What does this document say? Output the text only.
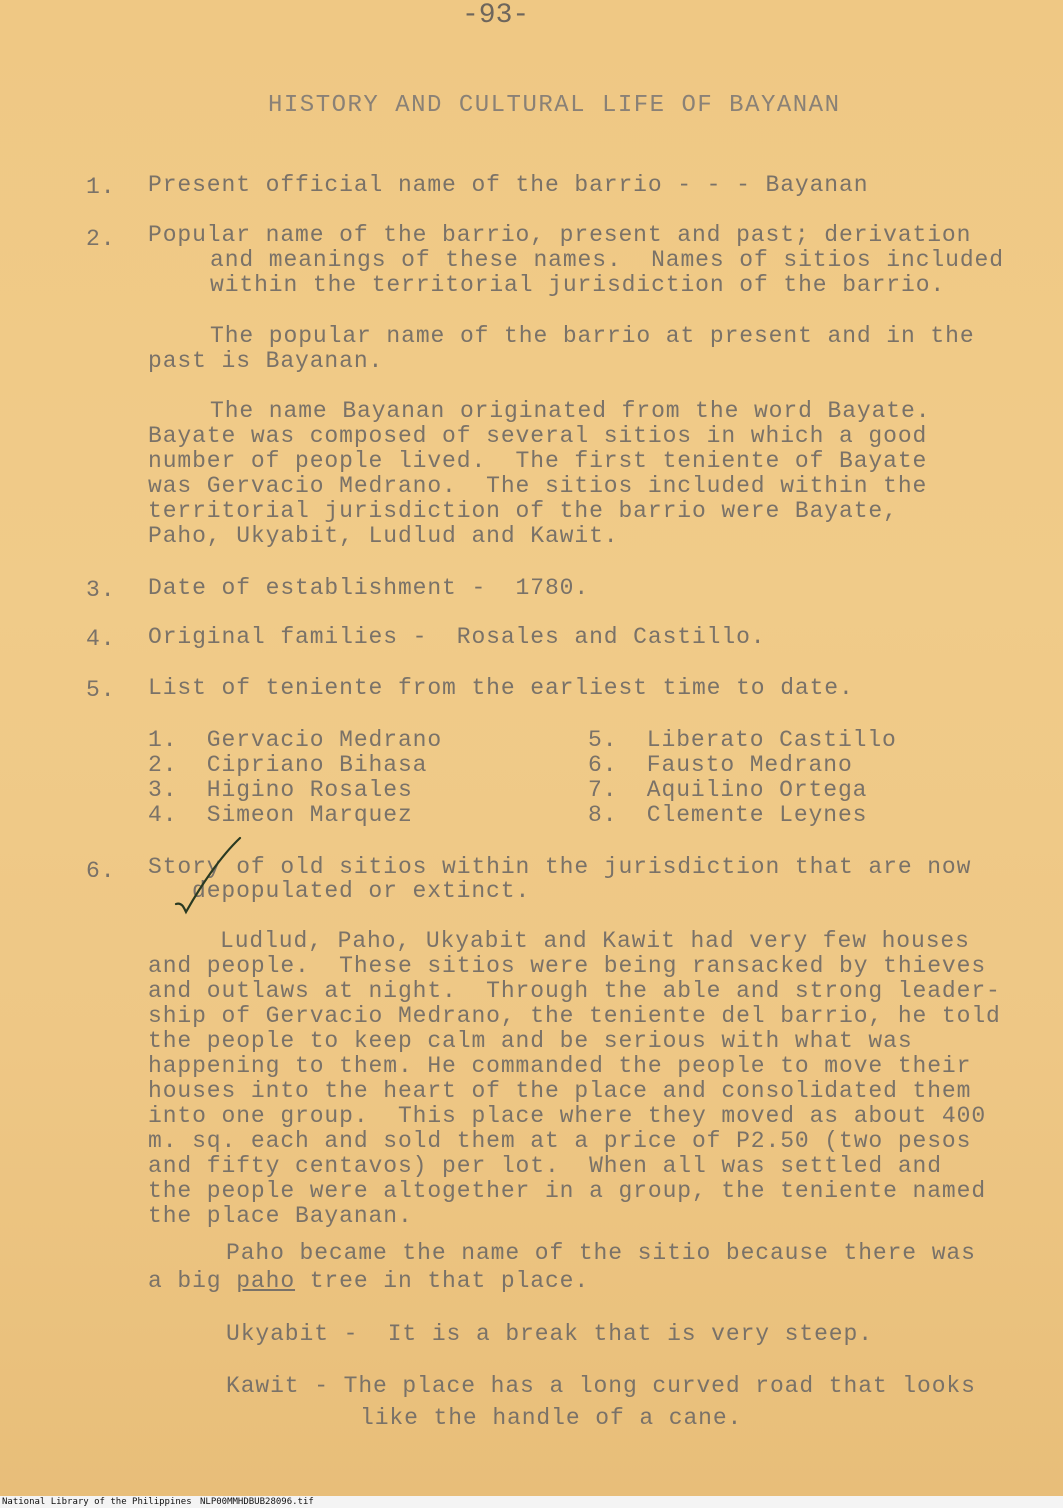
-93-
HISTORY AND CULTURAL LIFE OF BAYANAN
1. Present official name of the barrio - - - Bayanan
2. Popular name of the barrio, present and past; derivation
and meanings of these names.  Names of sitios included
within the territorial jurisdiction of the barrio.
The popular name of the barrio at present and in the
past is Bayanan.
The name Bayanan originated from the word Bayate.
Bayate was composed of several sitios in which a good
number of people lived.  The first teniente of Bayate
was Gervacio Medrano.  The sitios included within the
territorial jurisdiction of the barrio were Bayate,
Paho, Ukyabit, Ludlud and Kawit.
3. Date of establishment -  1780.
4. Original families -  Rosales and Castillo.
5. List of teniente from the earliest time to date.
1.  Gervacio Medrano
2.  Cipriano Bihasa
3.  Higino Rosales
4.  Simeon Marquez
5.  Liberato Castillo
6.  Fausto Medrano
7.  Aquilino Ortega
8.  Clemente Leynes
6. Story of old sitios within the jurisdiction that are now
depopulated or extinct.
Ludlud, Paho, Ukyabit and Kawit had very few houses
and people.  These sitios were being ransacked by thieves
and outlaws at night.  Through the able and strong leader-
ship of Gervacio Medrano, the teniente del barrio, he told
the people to keep calm and be serious with what was
happening to them. He commanded the people to move their
houses into the heart of the place and consolidated them
into one group.  This place where they moved as about 400
m. sq. each and sold them at a price of P2.50 (two pesos
and fifty centavos) per lot.  When all was settled and
the people were altogether in a group, the teniente named
the place Bayanan.
Paho became the name of the sitio because there was
a big paho tree in that place.
Ukyabit -  It is a break that is very steep.
Kawit - The place has a long curved road that looks
like the handle of a cane.
National Library of the Philippines NLP00MMHDBUB28096.tif
